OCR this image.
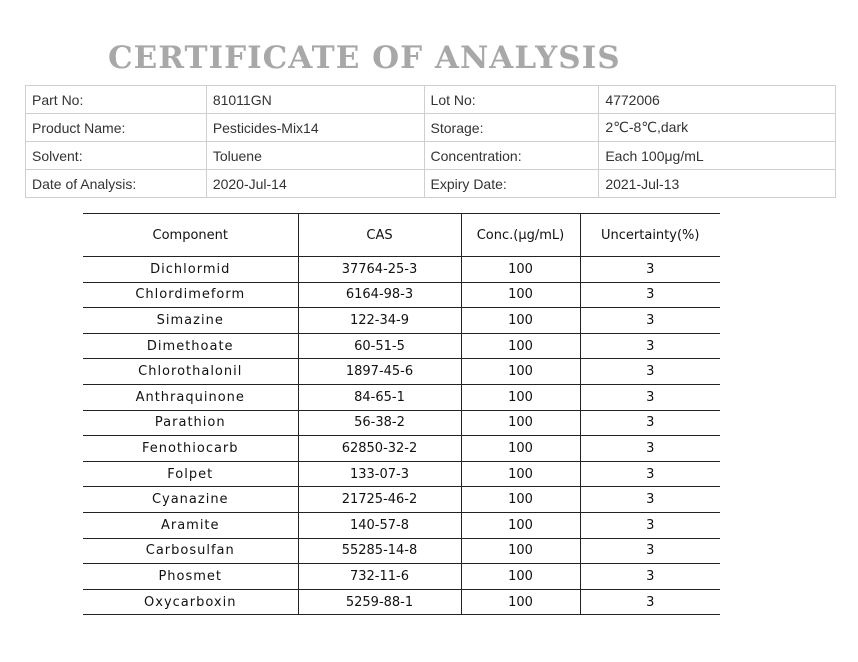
CERTIFICATE OF ANALYSIS
Part No:	81011GN	Lot No:	4772006
Product Name:	Pesticides-Mix14	Storage:	2℃-8℃,dark
Solvent:	Toluene	Concentration:	Each 100μg/mL
Date of Analysis:	2020-Jul-14	Expiry Date:	2021-Jul-13
Component	CAS	Conc.(μg/mL)	Uncertainty(%)
Dichlormid	37764-25-3	100	3
Chlordimeform	6164-98-3	100	3
Simazine	122-34-9	100	3
Dimethoate	60-51-5	100	3
Chlorothalonil	1897-45-6	100	3
Anthraquinone	84-65-1	100	3
Parathion	56-38-2	100	3
Fenothiocarb	62850-32-2	100	3
Folpet	133-07-3	100	3
Cyanazine	21725-46-2	100	3
Aramite	140-57-8	100	3
Carbosulfan	55285-14-8	100	3
Phosmet	732-11-6	100	3
Oxycarboxin	5259-88-1	100	3
